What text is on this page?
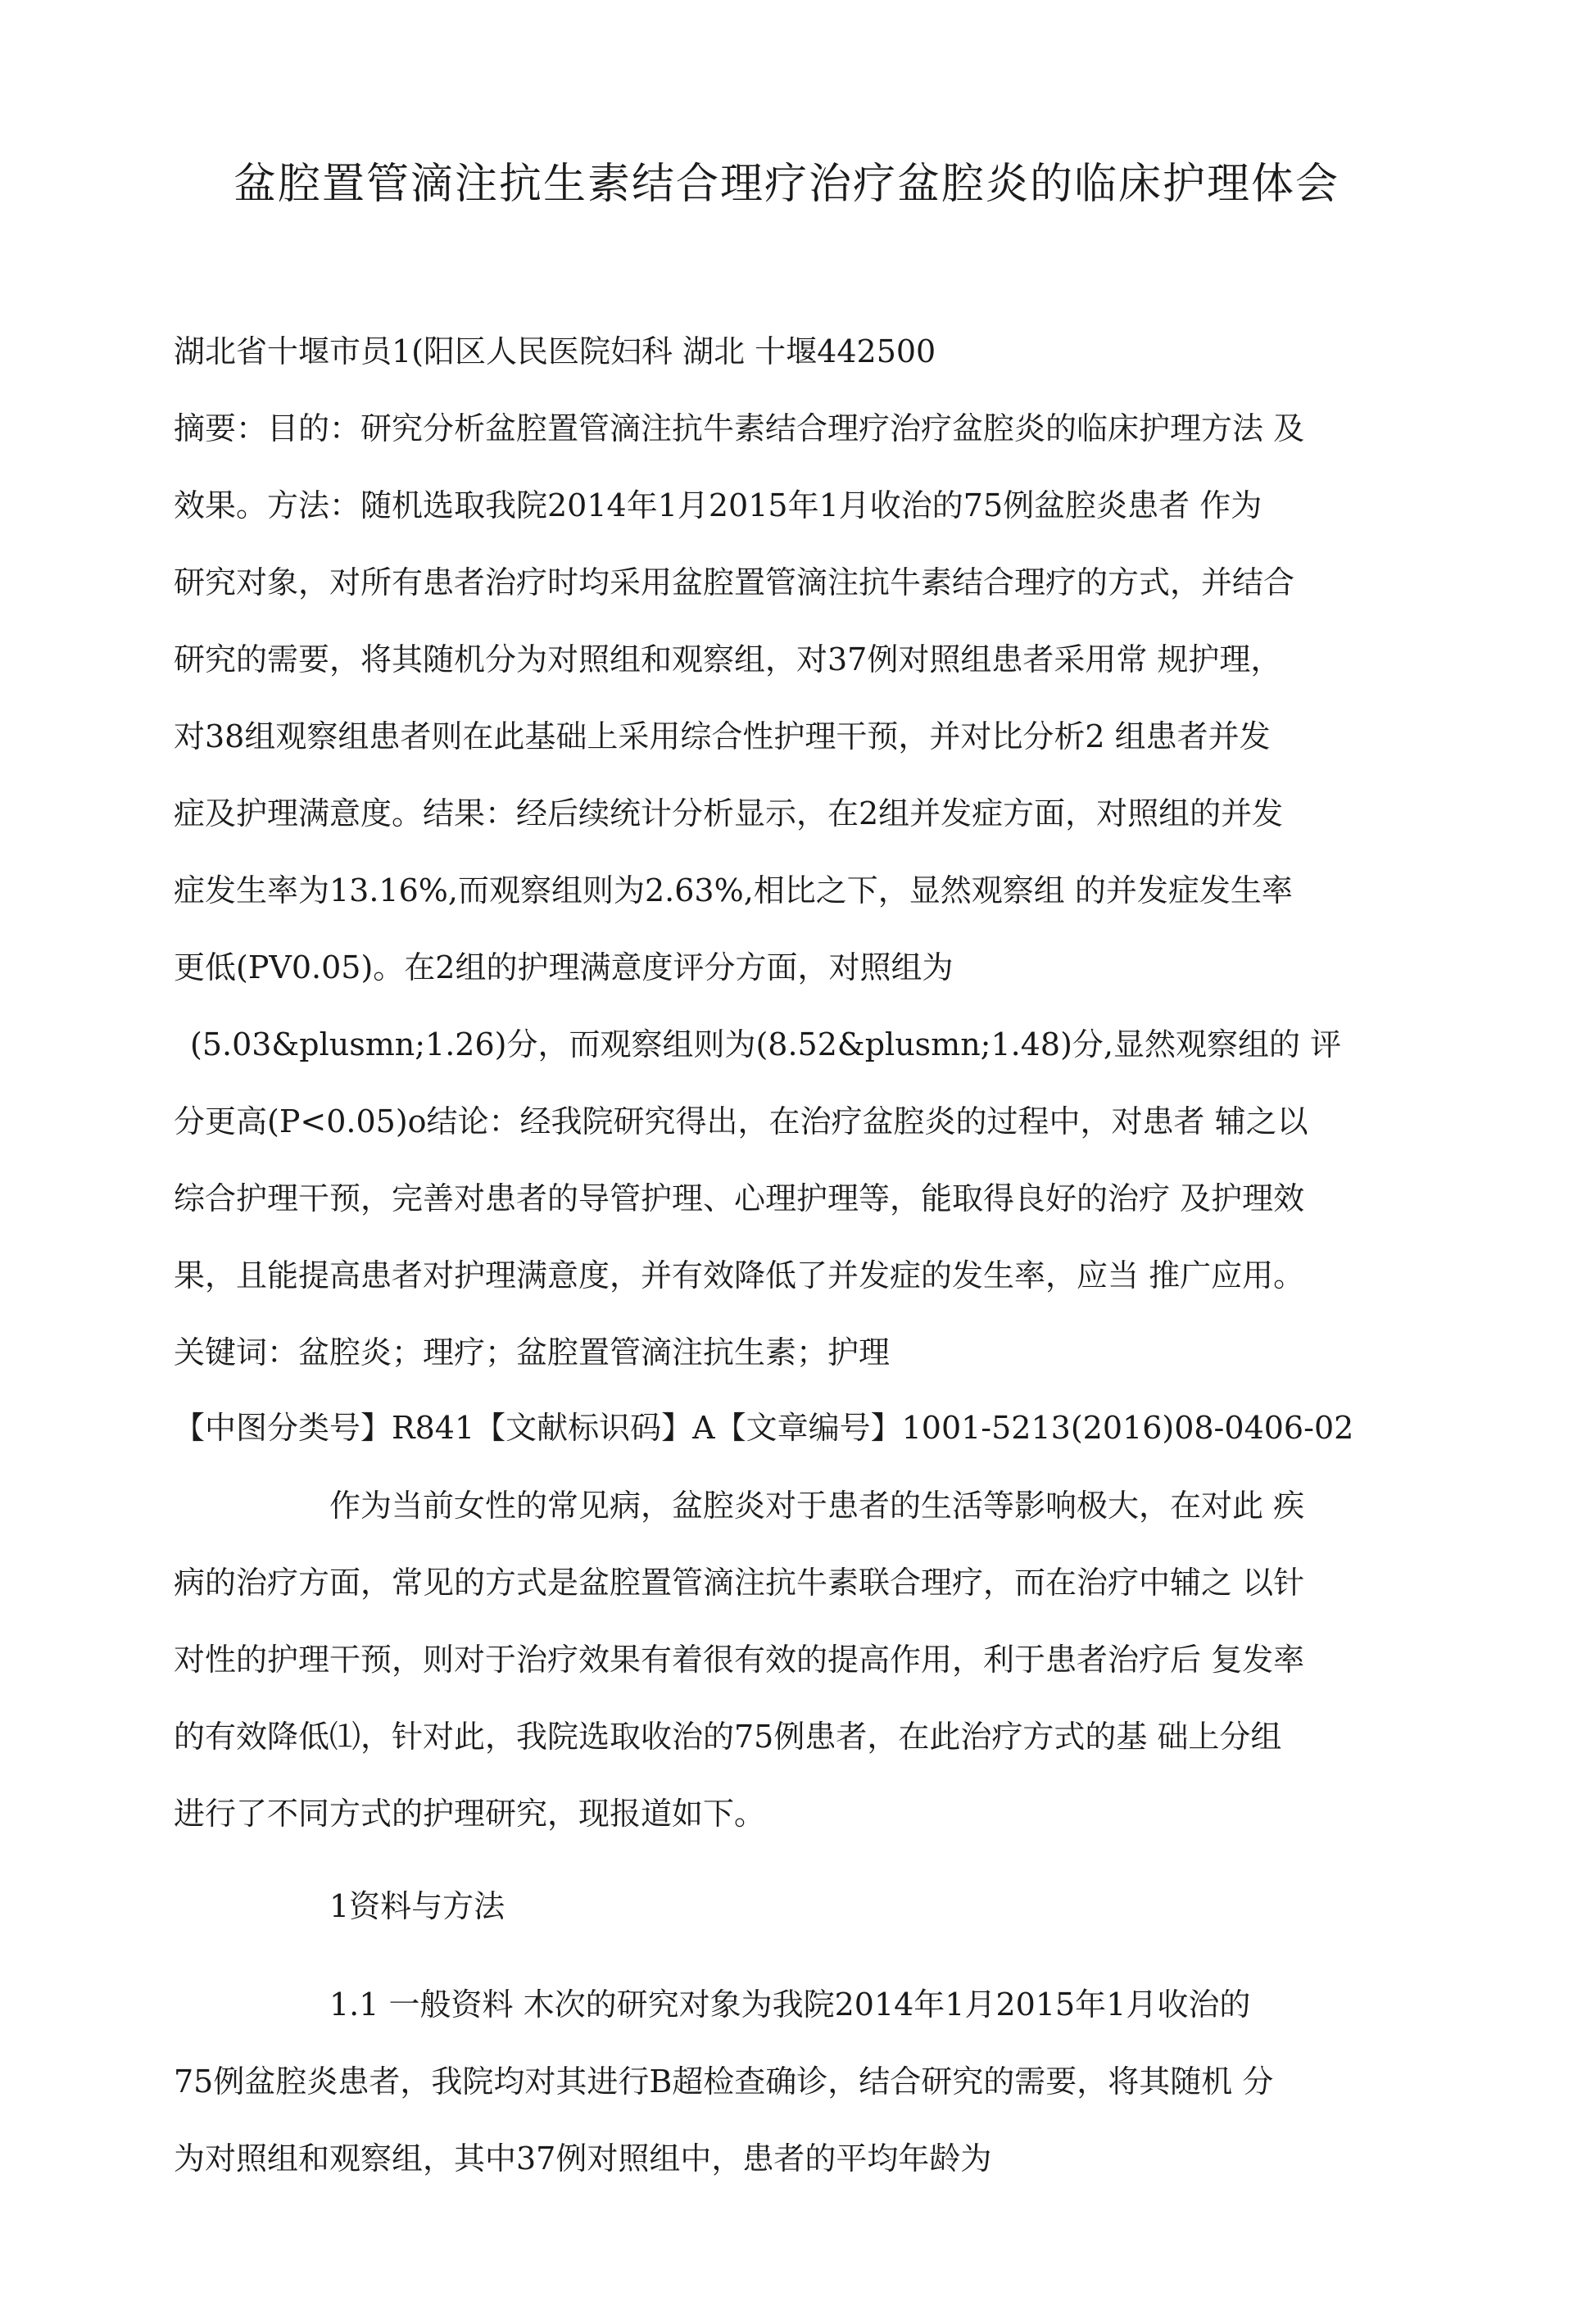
盆腔置管滴注抗生素结合理疗治疗盆腔炎的临床护理体会

湖北省十堰市员1(阳区人民医院妇科 湖北 十堰442500

摘要：目的：研究分析盆腔置管滴注抗牛素结合理疗治疗盆腔炎的临床护理方法 及

效果。方法：随机选取我院2014年1月2015年1月收治的75例盆腔炎患者 作为

研究对象，对所有患者治疗时均采用盆腔置管滴注抗牛素结合理疗的方式，并结合

研究的需要，将其随机分为对照组和观察组，对37例对照组患者采用常 规护理，

对38组观察组患者则在此基础上采用综合性护理干预，并对比分析2 组患者并发

症及护理满意度。结果：经后续统计分析显示，在2组并发症方面，对照组的并发

症发生率为13.16%,而观察组则为2.63%,相比之下，显然观察组 的并发症发生率

更低(PV0.05)。在2组的护理满意度评分方面，对照组为

(5.03&plusmn;1.26)分，而观察组则为(8.52&plusmn;1.48)分,显然观察组的 评

分更高(P<0.05)o结论：经我院研究得出，在治疗盆腔炎的过程中，对患者 辅之以

综合护理干预，完善对患者的导管护理、心理护理等，能取得良好的治疗 及护理效

果，且能提高患者对护理满意度，并有效降低了并发症的发生率，应当 推广应用。

关键词：盆腔炎；理疗；盆腔置管滴注抗生素；护理

【中图分类号】R841【文献标识码】A【文章编号】1001-5213(2016)08-0406-02

作为当前女性的常见病，盆腔炎对于患者的生活等影响极大，在对此 疾

病的治疗方面，常见的方式是盆腔置管滴注抗牛素联合理疗，而在治疗中辅之 以针

对性的护理干预，则对于治疗效果有着很有效的提高作用，利于患者治疗后 复发率

的有效降低⑴，针对此，我院选取收治的75例患者，在此治疗方式的基 础上分组

进行了不同方式的护理研究，现报道如下。

1资料与方法

1.1 一般资料 木次的研究对象为我院2014年1月2015年1月收治的

75例盆腔炎患者，我院均对其进行B超检查确诊，结合研究的需要，将其随机 分

为对照组和观察组，其中37例对照组中，患者的平均年龄为
